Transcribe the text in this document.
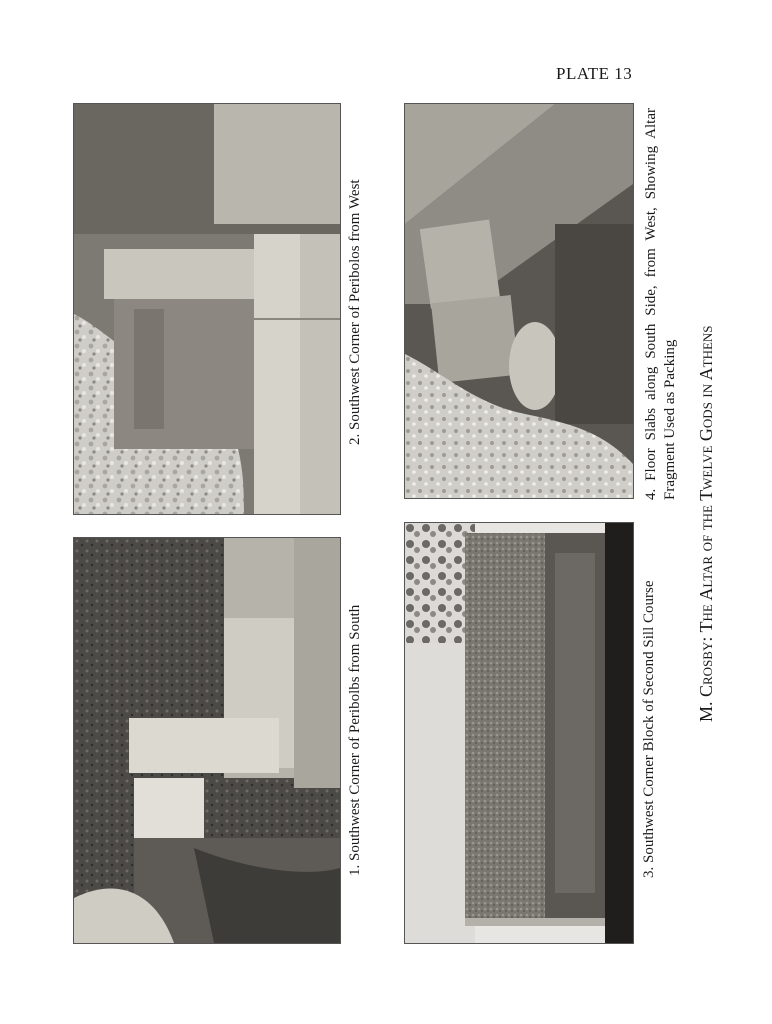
PLATE 13
2. Southwest Corner of Peribolos from West
1. Southwest Corner of Peribolbs from South
3. Southwest Corner Block of Second Sill Course
4. Floor Slabs along South Side, from West, Showing Altar Fragment Used as Packing M. Crosby: The Altar of the Twelve Gods in Athens
